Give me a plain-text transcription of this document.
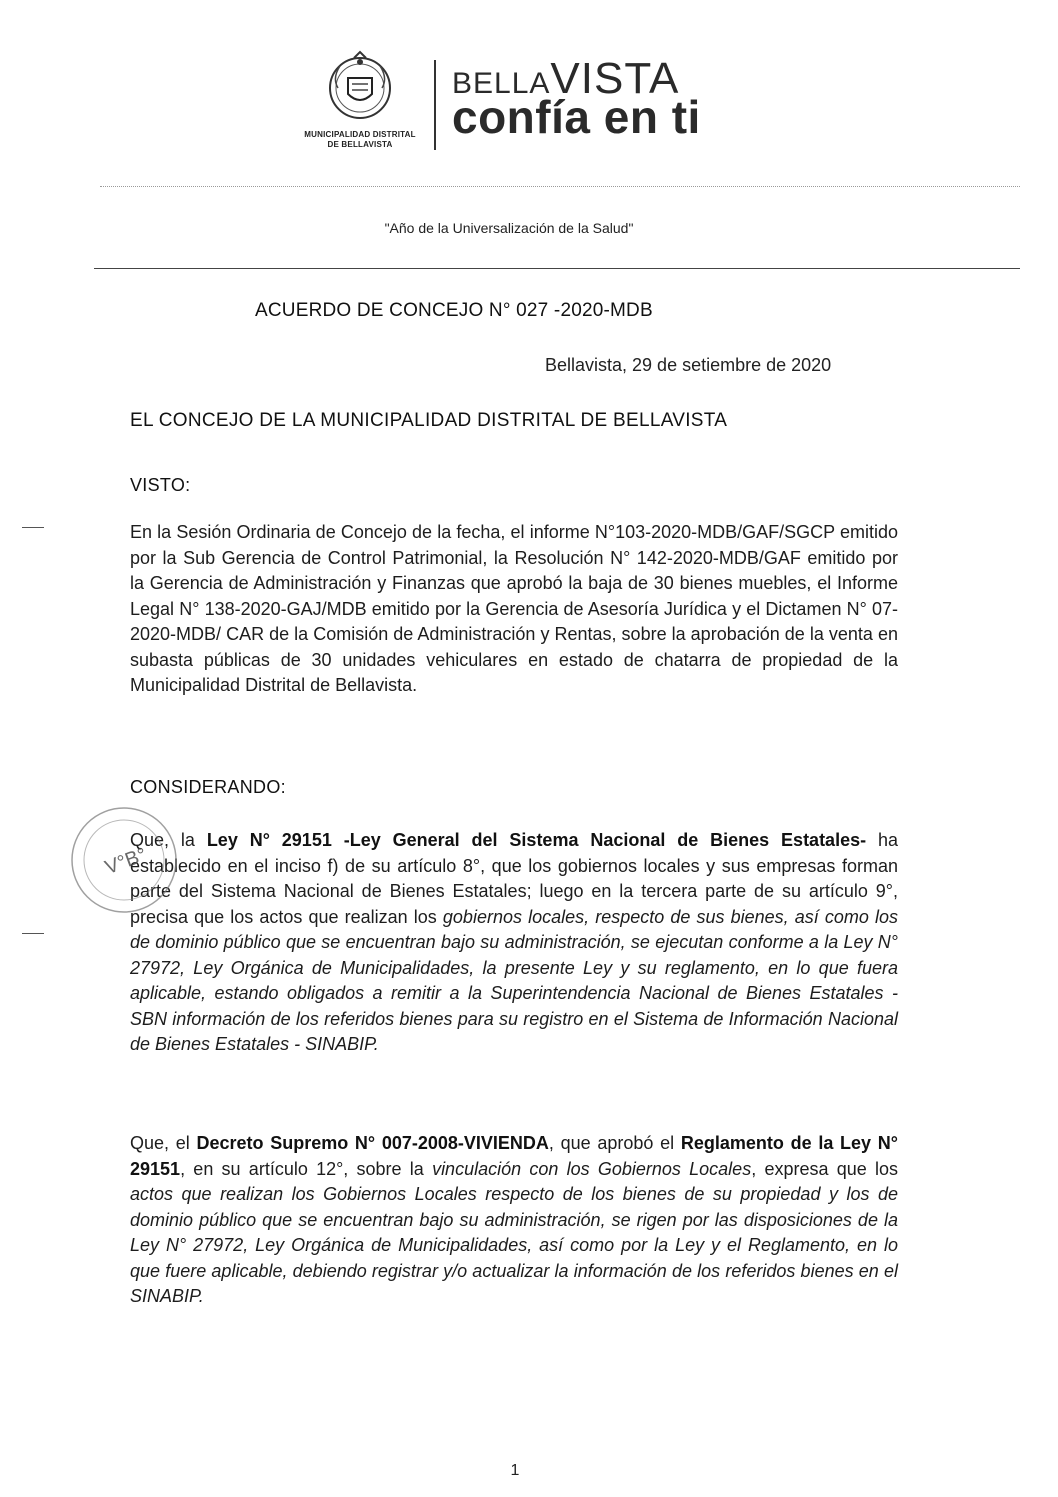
MUNICIPALIDAD DISTRITAL
DE BELLAVISTA
BELLAVISTA
confía en ti
"Año de la Universalización de la Salud"
ACUERDO DE CONCEJO N° 027 -2020-MDB
Bellavista, 29 de setiembre de 2020
EL CONCEJO DE LA MUNICIPALIDAD DISTRITAL DE BELLAVISTA
VISTO:

En la Sesión Ordinaria de Concejo de la fecha, el informe N°103-2020-MDB/GAF/SGCP emitido por la Sub Gerencia de Control Patrimonial, la Resolución N° 142-2020-MDB/GAF emitido por la Gerencia de Administración y Finanzas que aprobó la baja de 30 bienes muebles, el Informe Legal N° 138-2020-GAJ/MDB emitido por la Gerencia de Asesoría Jurídica y el Dictamen N° 07-2020-MDB/ CAR de la Comisión de Administración y Rentas, sobre la aprobación de la venta en subasta públicas de 30 unidades vehiculares en estado de chatarra de propiedad de la Municipalidad Distrital de Bellavista.

CONSIDERANDO:

Que, la Ley N° 29151 -Ley General del Sistema Nacional de Bienes Estatales- ha establecido en el inciso f) de su artículo 8°, que los gobiernos locales y sus empresas forman parte del Sistema Nacional de Bienes Estatales; luego en la tercera parte de su artículo 9°, precisa que los actos que realizan los gobiernos locales, respecto de sus bienes, así como los de dominio público que se encuentran bajo su administración, se ejecutan conforme a la Ley N° 27972, Ley Orgánica de Municipalidades, la presente Ley y su reglamento, en lo que fuera aplicable, estando obligados a remitir a la Superintendencia Nacional de Bienes Estatales - SBN información de los referidos bienes para su registro en el Sistema de Información Nacional de Bienes Estatales - SINABIP.

Que, el Decreto Supremo N° 007-2008-VIVIENDA, que aprobó el Reglamento de la Ley N° 29151, en su artículo 12°, sobre la vinculación con los Gobiernos Locales, expresa que los actos que realizan los Gobiernos Locales respecto de los bienes de su propiedad y los de dominio público que se encuentran bajo su administración, se rigen por las disposiciones de la Ley N° 27972, Ley Orgánica de Municipalidades, así como por la Ley y el Reglamento, en lo que fuere aplicable, debiendo registrar y/o actualizar la información de los referidos bienes en el SINABIP.

V°B°
1
